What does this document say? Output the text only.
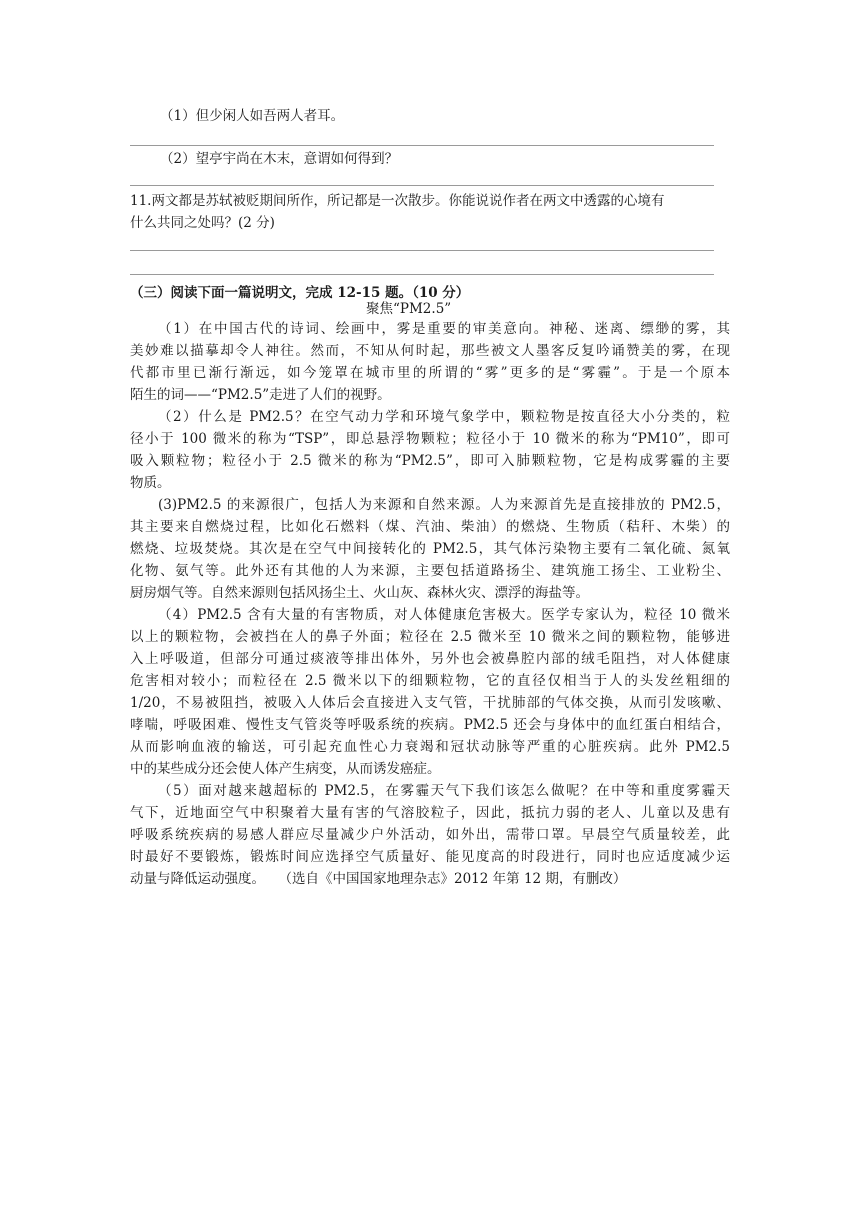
（1）但少闲人如吾两人者耳。
（2）望亭宇尚在木末，意谓如何得到？
11.两文都是苏轼被贬期间所作，所记都是一次散步。你能说说作者在两文中透露的心境有
什么共同之处吗？(2 分)
（三）阅读下面一篇说明文，完成 12-15 题。（10 分）
聚焦“PM2.5”
（1）在中国古代的诗词、绘画中，雾是重要的审美意向。神秘、迷离、缥缈的雾，其
美妙难以描摹却令人神往。然而，不知从何时起，那些被文人墨客反复吟诵赞美的雾，在现
代都市里已渐行渐远，如今笼罩在城市里的所谓的“雾”更多的是“雾霾”。于是一个原本
陌生的词——“PM2.5”走进了人们的视野。
（2）什么是 PM2.5？在空气动力学和环境气象学中，颗粒物是按直径大小分类的，粒
径小于 100 微米的称为“TSP”，即总悬浮物颗粒；粒径小于 10 微米的称为“PM10”，即可
吸入颗粒物；粒径小于 2.5 微米的称为“PM2.5”，即可入肺颗粒物，它是构成雾霾的主要
物质。
(3)PM2.5 的来源很广，包括人为来源和自然来源。人为来源首先是直接排放的 PM2.5，
其主要来自燃烧过程，比如化石燃料（煤、汽油、柴油）的燃烧、生物质（秸秆、木柴）的
燃烧、垃圾焚烧。其次是在空气中间接转化的 PM2.5，其气体污染物主要有二氧化硫、氮氧
化物、氨气等。此外还有其他的人为来源，主要包括道路扬尘、建筑施工扬尘、工业粉尘、
厨房烟气等。自然来源则包括风扬尘土、火山灰、森林火灾、漂浮的海盐等。
（4）PM2.5 含有大量的有害物质，对人体健康危害极大。医学专家认为，粒径 10 微米
以上的颗粒物，会被挡在人的鼻子外面；粒径在 2.5 微米至 10 微米之间的颗粒物，能够进
入上呼吸道，但部分可通过痰液等排出体外，另外也会被鼻腔内部的绒毛阻挡，对人体健康
危害相对较小；而粒径在 2.5 微米以下的细颗粒物，它的直径仅相当于人的头发丝粗细的
1/20，不易被阻挡，被吸入人体后会直接进入支气管，干扰肺部的气体交换，从而引发咳嗽、
哮喘，呼吸困难、慢性支气管炎等呼吸系统的疾病。PM2.5 还会与身体中的血红蛋白相结合，
从而影响血液的输送，可引起充血性心力衰竭和冠状动脉等严重的心脏疾病。此外 PM2.5
中的某些成分还会使人体产生病变，从而诱发癌症。
（5）面对越来越超标的 PM2.5，在雾霾天气下我们该怎么做呢？在中等和重度雾霾天
气下，近地面空气中积聚着大量有害的气溶胶粒子，因此，抵抗力弱的老人、儿童以及患有
呼吸系统疾病的易感人群应尽量减少户外活动，如外出，需带口罩。早晨空气质量较差，此
时最好不要锻炼，锻炼时间应选择空气质量好、能见度高的时段进行，同时也应适度减少运
动量与降低运动强度。　　（选自《中国国家地理杂志》2012 年第 12 期，有删改）
